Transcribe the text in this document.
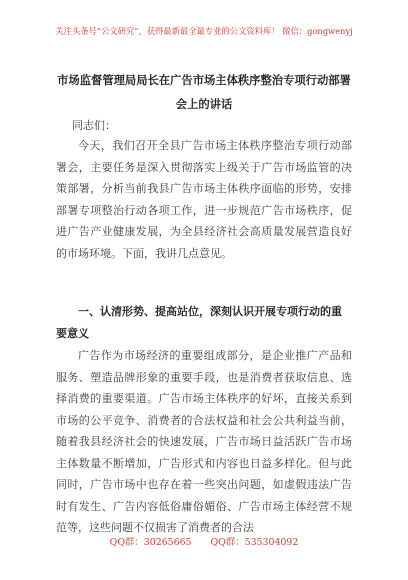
关注头条号“公文研究”，获得最新最全最专业的公文资料库！ 微信：gongwenyj
市场监督管理局局长在广告市场主体秩序整治专项行动部署会上的讲话
同志们：

今天，我们召开全县广告市场主体秩序整治专项行动部署会，主要任务是深入贯彻落实上级关于广告市场监管的决策部署，分析当前我县广告市场主体秩序面临的形势，安排部署专项整治行动各项工作，进一步规范广告市场秩序，促进广告产业健康发展，为全县经济社会高质量发展营造良好的市场环境。下面，我讲几点意见。

一、认清形势、提高站位，深刻认识开展专项行动的重要意义

广告作为市场经济的重要组成部分，是企业推广产品和服务、塑造品牌形象的重要手段，也是消费者获取信息、选择消费的重要渠道。广告市场主体秩序的好坏，直接关系到市场的公平竞争、消费者的合法权益和社会公共利益当前，随着我县经济社会的快速发展，广告市场日益活跃广告市场主体数量不断增加，广告形式和内容也日益多样化。但与此同时，广告市场中也存在着一些突出问题，如虚假违法广告时有发生、广告内容低俗庸俗媚俗、广告市场主体经营不规范等，这些问题不仅损害了消费者的合法

QQ群：30265665 QQ群：535304092
